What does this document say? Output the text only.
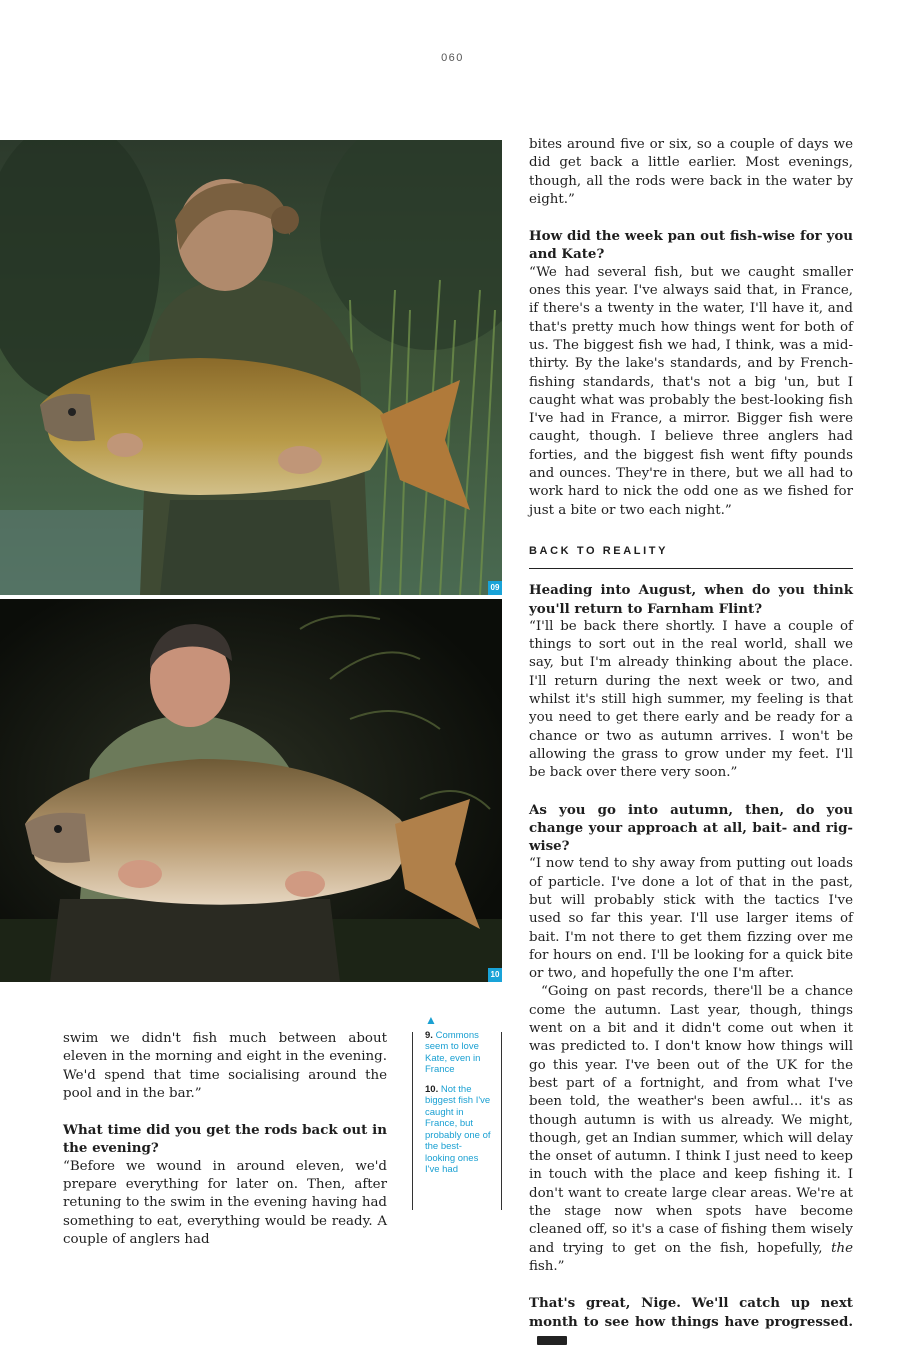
060
09
10

swim we didn't fish much between about eleven in the morning and eight in the evening. We'd spend that time socialising around the pool and in the bar.”

What time did you get the rods back out in the evening?

“Before we wound in around eleven, we'd prepare everything for later on. Then, after retuning to the swim in the evening having had something to eat, everything would be ready. A couple of anglers had

▲
9. Commons seem to love Kate, even in France
10. Not the biggest fish I've caught in France, but probably one of the best-looking ones I've had

bites around five or six, so a couple of days we did get back a little earlier. Most evenings, though, all the rods were back in the water by eight.”

How did the week pan out fish-wise for you and Kate?

“We had several fish, but we caught smaller ones this year. I've always said that, in France, if there's a twenty in the water, I'll have it, and that's pretty much how things went for both of us. The biggest fish we had, I think, was a mid-thirty. By the lake's standards, and by French-fishing standards, that's not a big 'un, but I caught what was probably the best-looking fish I've had in France, a mirror. Bigger fish were caught, though. I believe three anglers had forties, and the biggest fish went fifty pounds and ounces. They're in there, but we all had to work hard to nick the odd one as we fished for just a bite or two each night.”

BACK TO REALITY

Heading into August, when do you think you'll return to Farnham Flint?

“I'll be back there shortly. I have a couple of things to sort out in the real world, shall we say, but I'm already thinking about the place. I'll return during the next week or two, and whilst it's still high summer, my feeling is that you need to get there early and be ready for a chance or two as autumn arrives. I won't be allowing the grass to grow under my feet. I'll be back over there very soon.”

As you go into autumn, then, do you change your approach at all, bait- and rig-wise?

“I now tend to shy away from putting out loads of particle. I've done a lot of that in the past, but will probably stick with the tactics I've used so far this year. I'll use larger items of bait. I'm not there to get them fizzing over me for hours on end. I'll be looking for a quick bite or two, and hopefully the one I'm after.

“Going on past records, there'll be a chance come the autumn. Last year, though, things went on a bit and it didn't come out when it was predicted to. I don't know how things will go this year. I've been out of the UK for the best part of a fortnight, and from what I've been told, the weather's been awful... it's as though autumn is with us already. We might, though, get an Indian summer, which will delay the onset of autumn. I think I just need to keep in touch with the place and keep fishing it. I don't want to create large clear areas. We're at the stage now when spots have become cleaned off, so it's a case of fishing them wisely and trying to get on the fish, hopefully, the fish.”

That's great, Nige. We'll catch up next month to see how things have progressed.
